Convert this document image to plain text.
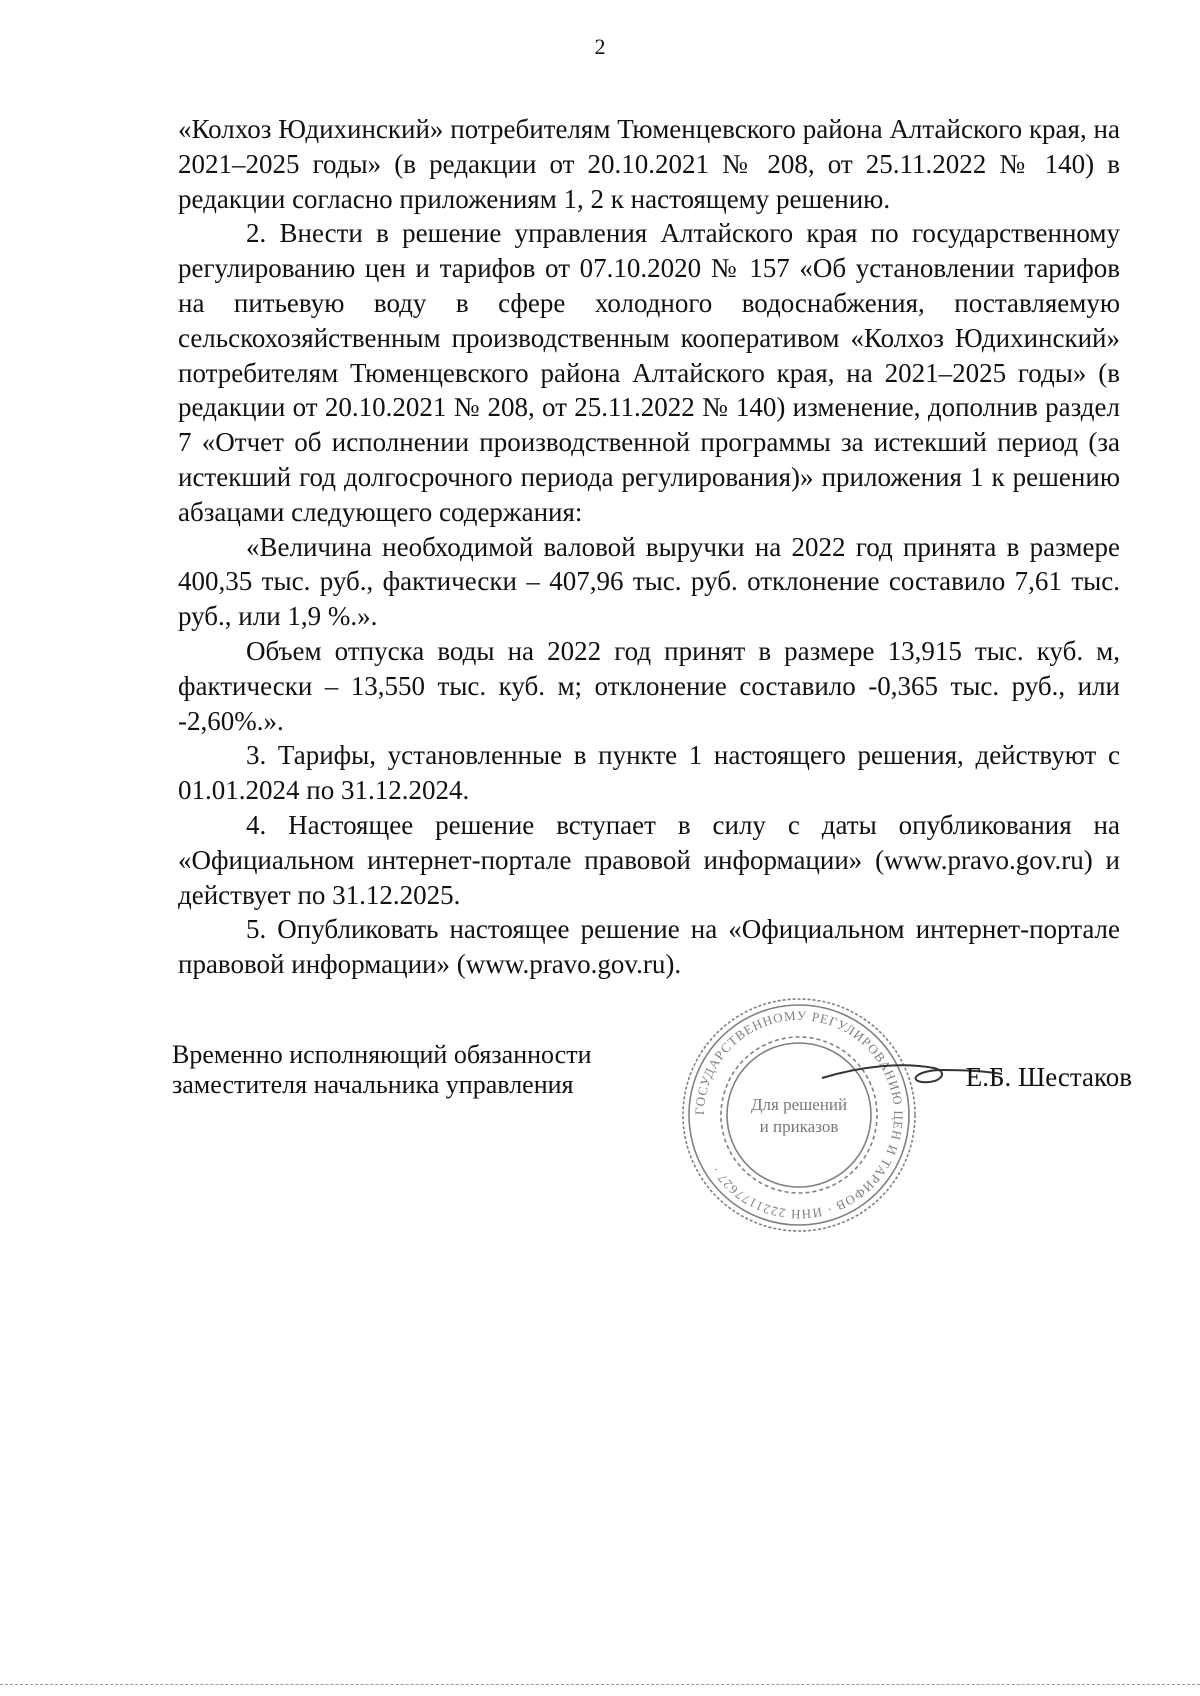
2

«Колхоз Юдихинский» потребителям Тюменцевского района Алтайского края, на 2021–2025 годы» (в редакции от 20.10.2021 № 208, от 25.11.2022 № 140) в редакции согласно приложениям 1, 2 к настоящему решению.

2. Внести в решение управления Алтайского края по государственному регулированию цен и тарифов от 07.10.2020 № 157 «Об установлении тарифов на питьевую воду в сфере холодного водоснабжения, поставляемую сельскохозяйственным производственным кооперативом «Колхоз Юдихинский» потребителям Тюменцевского района Алтайского края, на 2021–2025 годы» (в редакции от 20.10.2021 № 208, от 25.11.2022 № 140) изменение, дополнив раздел 7 «Отчет об исполнении производственной программы за истекший период (за истекший год долгосрочного периода регулирования)» приложения 1 к решению абзацами следующего содержания:

«Величина необходимой валовой выручки на 2022 год принята в размере 400,35 тыс. руб., фактически – 407,96 тыс. руб. отклонение составило 7,61 тыс. руб., или 1,9 %.».

Объем отпуска воды на 2022 год принят в размере 13,915 тыс. куб. м, фактически – 13,550 тыс. куб. м; отклонение составило -0,365 тыс. руб., или -2,60%.».

3. Тарифы, установленные в пункте 1 настоящего решения, действуют с 01.01.2024 по 31.12.2024.

4. Настоящее решение вступает в силу с даты опубликования на «Официальном интернет-портале правовой информации» (www.pravo.gov.ru) и действует по 31.12.2025.

5. Опубликовать настоящее решение на «Официальном интернет-портале правовой информации» (www.pravo.gov.ru).

Временно исполняющий обязанности
заместителя начальника управления
ГОСУДАРСТВЕННОМУ РЕГУЛИРОВАНИЮ ЦЕН И ТАРИФОВ · ИНН 2221177627 ·
Для решений
и приказов
Е.Б. Шестаков
